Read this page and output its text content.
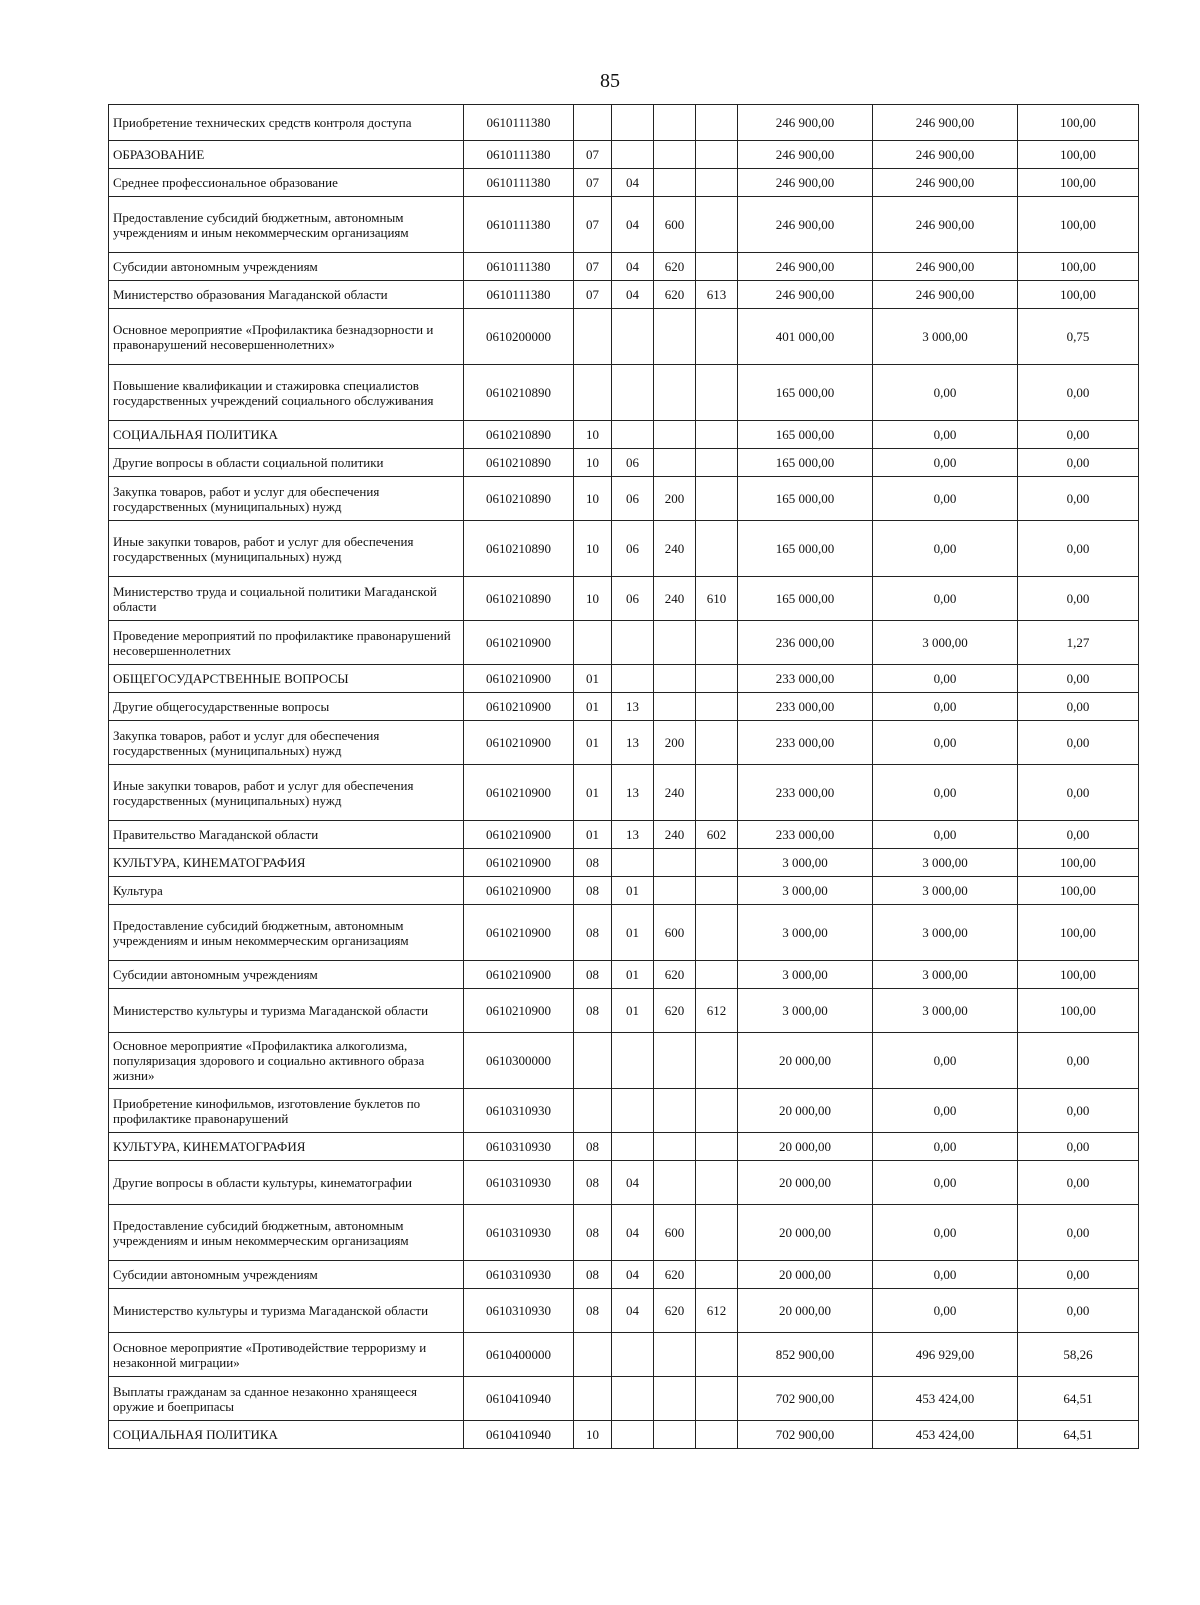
85
Приобретение технических средств контроля доступа	0610111380					246 900,00	246 900,00	100,00
ОБРАЗОВАНИЕ	0610111380	07				246 900,00	246 900,00	100,00
Среднее профессиональное образование	0610111380	07	04			246 900,00	246 900,00	100,00
Предоставление субсидий бюджетным, автономным учреждениям и иным некоммерческим организациям	0610111380	07	04	600		246 900,00	246 900,00	100,00
Субсидии автономным учреждениям	0610111380	07	04	620		246 900,00	246 900,00	100,00
Министерство образования Магаданской области	0610111380	07	04	620	613	246 900,00	246 900,00	100,00
Основное мероприятие «Профилактика безнадзорности и правонарушений несовершеннолетних»	0610200000					401 000,00	3 000,00	0,75
Повышение квалификации и стажировка специалистов государственных учреждений социального обслуживания	0610210890					165 000,00	0,00	0,00
СОЦИАЛЬНАЯ ПОЛИТИКА	0610210890	10				165 000,00	0,00	0,00
Другие вопросы в области социальной политики	0610210890	10	06			165 000,00	0,00	0,00
Закупка товаров, работ и услуг для обеспечения государственных (муниципальных) нужд	0610210890	10	06	200		165 000,00	0,00	0,00
Иные закупки товаров, работ и услуг для обеспечения государственных (муниципальных) нужд	0610210890	10	06	240		165 000,00	0,00	0,00
Министерство труда и социальной политики Магаданской области	0610210890	10	06	240	610	165 000,00	0,00	0,00
Проведение мероприятий по профилактике правонарушений несовершеннолетних	0610210900					236 000,00	3 000,00	1,27
ОБЩЕГОСУДАРСТВЕННЫЕ ВОПРОСЫ	0610210900	01				233 000,00	0,00	0,00
Другие общегосударственные вопросы	0610210900	01	13			233 000,00	0,00	0,00
Закупка товаров, работ и услуг для обеспечения государственных (муниципальных) нужд	0610210900	01	13	200		233 000,00	0,00	0,00
Иные закупки товаров, работ и услуг для обеспечения государственных (муниципальных) нужд	0610210900	01	13	240		233 000,00	0,00	0,00
Правительство Магаданской области	0610210900	01	13	240	602	233 000,00	0,00	0,00
КУЛЬТУРА, КИНЕМАТОГРАФИЯ	0610210900	08				3 000,00	3 000,00	100,00
Культура	0610210900	08	01			3 000,00	3 000,00	100,00
Предоставление субсидий бюджетным, автономным учреждениям и иным некоммерческим организациям	0610210900	08	01	600		3 000,00	3 000,00	100,00
Субсидии автономным учреждениям	0610210900	08	01	620		3 000,00	3 000,00	100,00
Министерство культуры и туризма Магаданской области	0610210900	08	01	620	612	3 000,00	3 000,00	100,00
Основное мероприятие «Профилактика алкоголизма, популяризация здорового и социально активного образа жизни»	0610300000					20 000,00	0,00	0,00
Приобретение кинофильмов, изготовление буклетов по профилактике правонарушений	0610310930					20 000,00	0,00	0,00
КУЛЬТУРА, КИНЕМАТОГРАФИЯ	0610310930	08				20 000,00	0,00	0,00
Другие вопросы в области культуры, кинематографии	0610310930	08	04			20 000,00	0,00	0,00
Предоставление субсидий бюджетным, автономным учреждениям и иным некоммерческим организациям	0610310930	08	04	600		20 000,00	0,00	0,00
Субсидии автономным учреждениям	0610310930	08	04	620		20 000,00	0,00	0,00
Министерство культуры и туризма Магаданской области	0610310930	08	04	620	612	20 000,00	0,00	0,00
Основное мероприятие «Противодействие терроризму и незаконной миграции»	0610400000					852 900,00	496 929,00	58,26
Выплаты гражданам за сданное незаконно хранящееся оружие и боеприпасы	0610410940					702 900,00	453 424,00	64,51
СОЦИАЛЬНАЯ ПОЛИТИКА	0610410940	10				702 900,00	453 424,00	64,51
